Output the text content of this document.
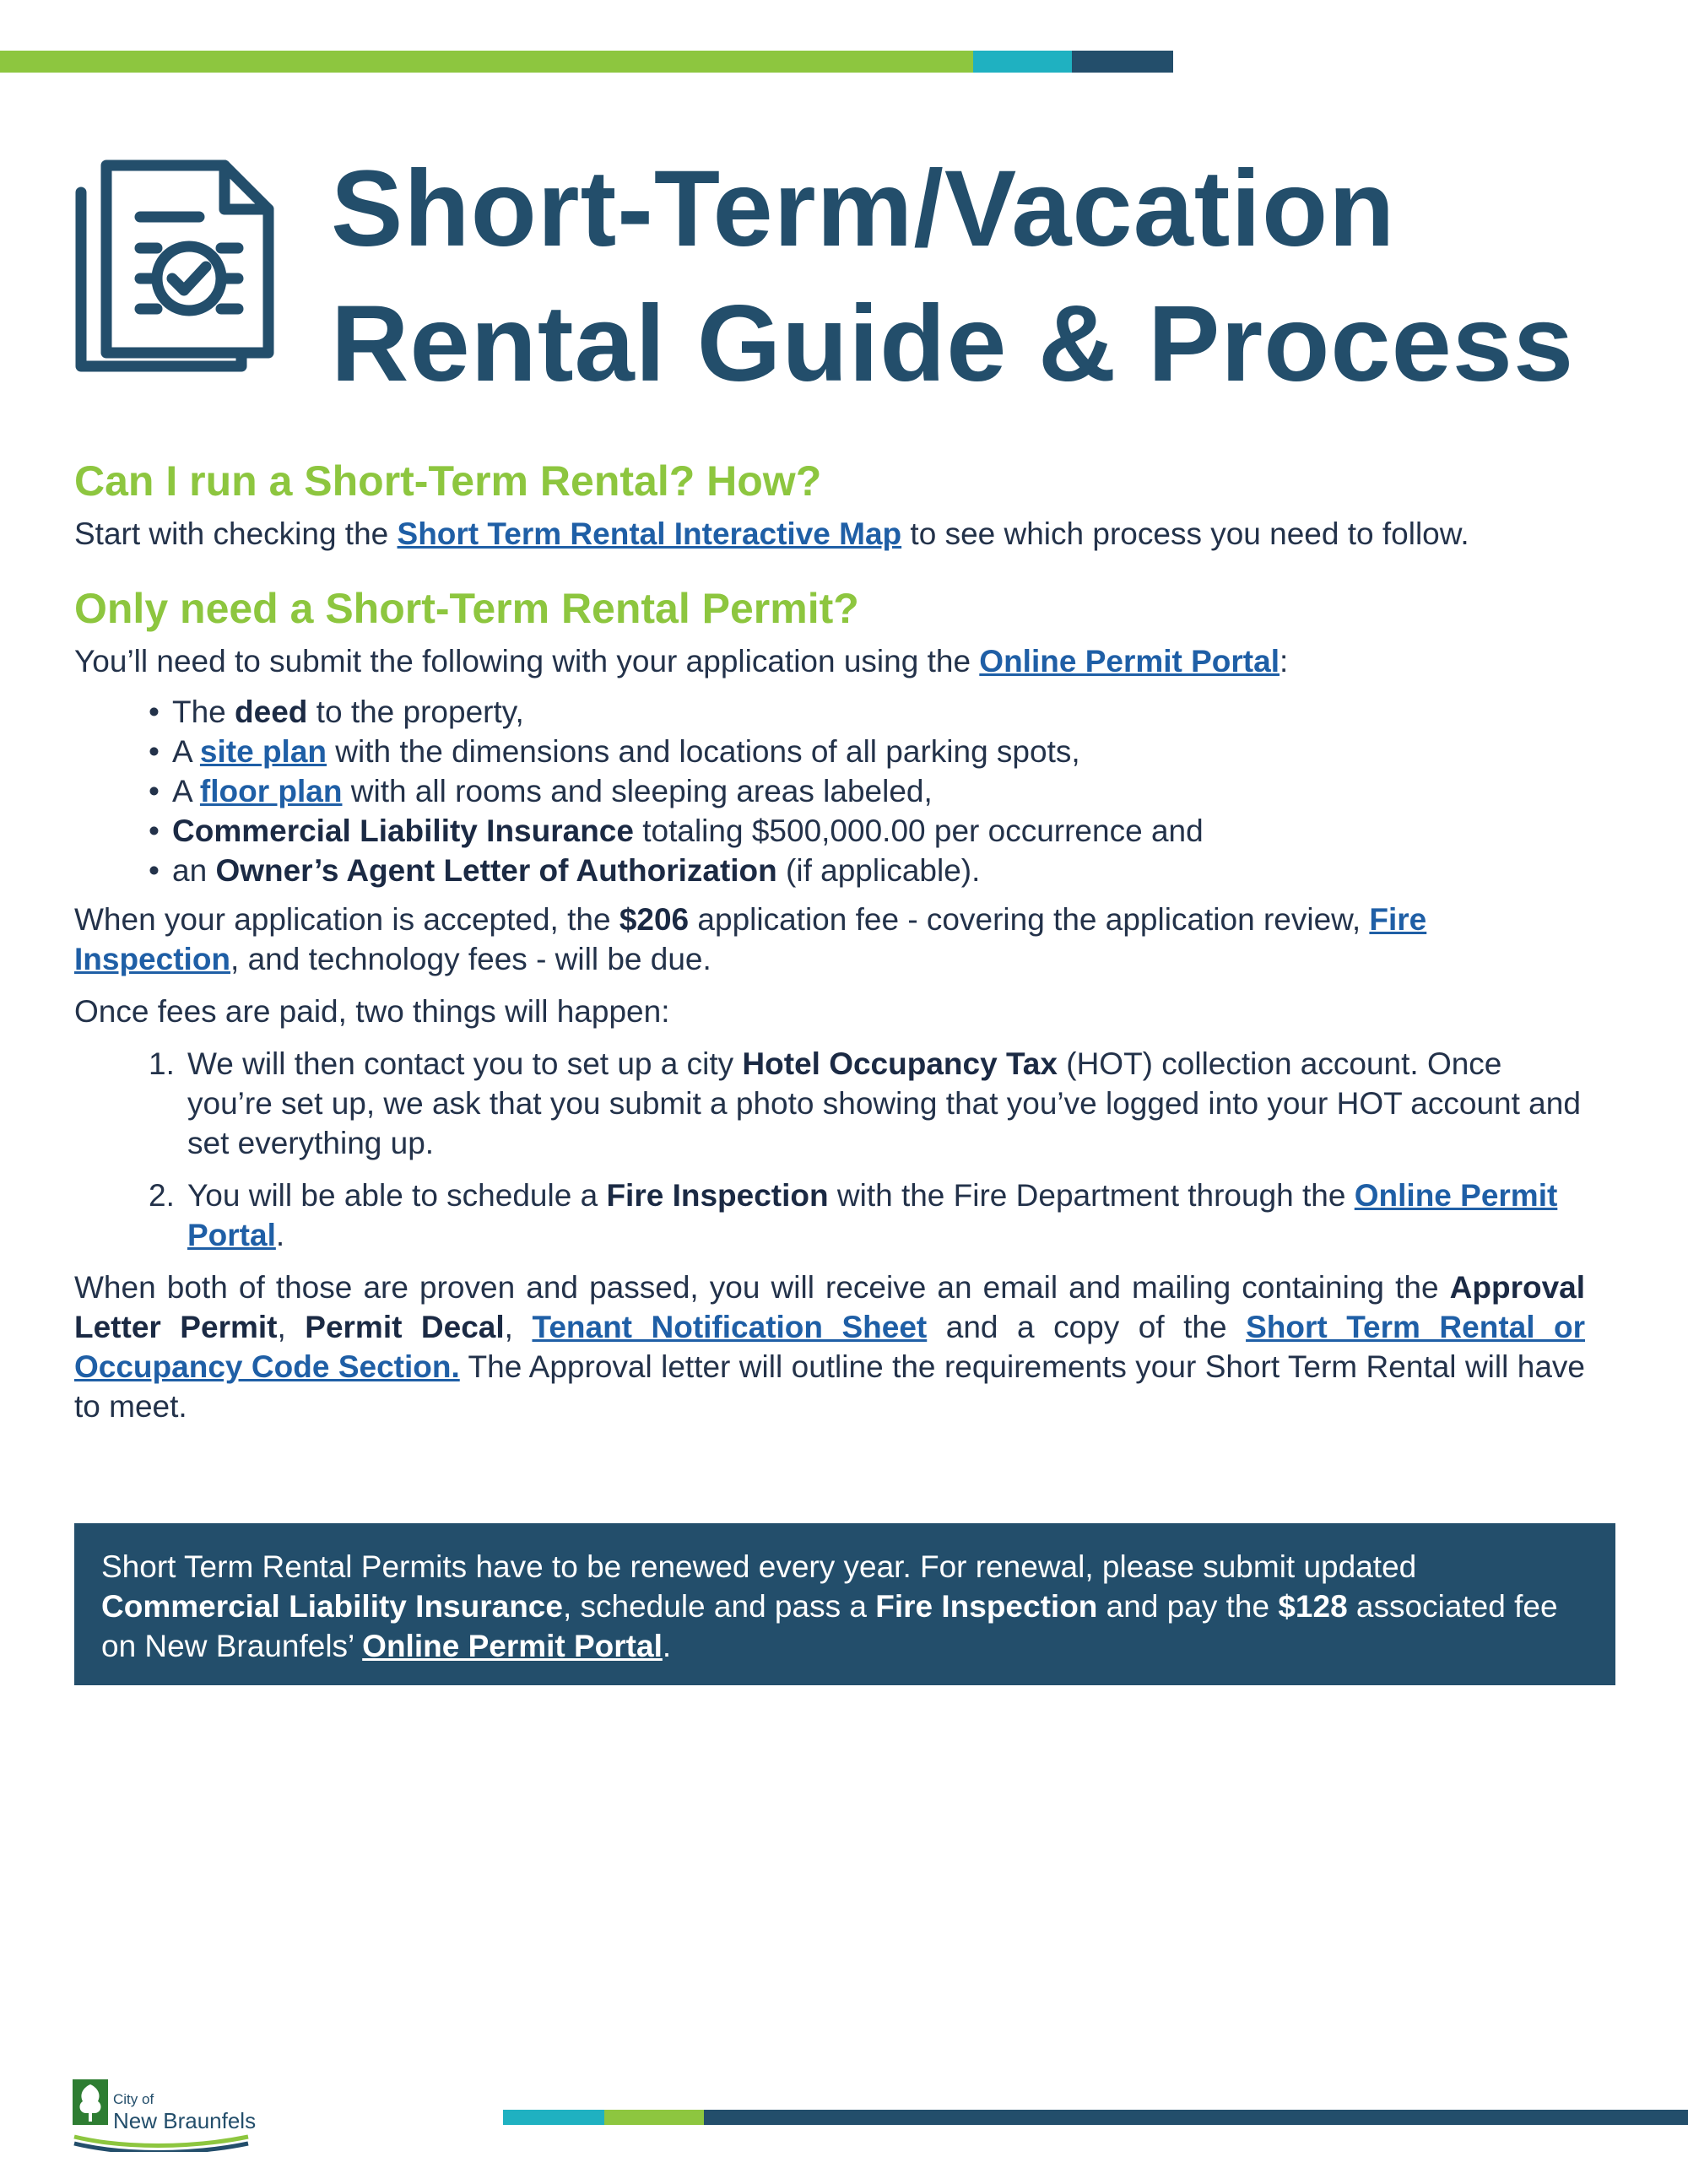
Short-Term/Vacation
Rental Guide & Process
Can I run a Short-Term Rental? How?

Start with checking the Short Term Rental Interactive Map to see which process you need to follow.

Only need a Short-Term Rental Permit?

You’ll need to submit the following with your application using the Online Permit Portal:

• The deed to the property,
• A site plan with the dimensions and locations of all parking spots,
• A floor plan with all rooms and sleeping areas labeled,
• Commercial Liability Insurance totaling $500,000.00 per occurrence and
• an Owner’s Agent Letter of Authorization (if applicable).

When your application is accepted, the $206 application fee - covering the application review, Fire Inspection, and technology fees - will be due.

Once fees are paid, two things will happen:

1. We will then contact you to set up a city Hotel Occupancy Tax (HOT) collection account. Once you’re set up, we ask that you submit a photo showing that you’ve logged into your HOT account and set everything up.
2. You will be able to schedule a Fire Inspection with the Fire Department through the Online Permit Portal.

When both of those are proven and passed, you will receive an email and mailing containing the Approval Letter Permit, Permit Decal, Tenant Notification Sheet and a copy of the Short Term Rental or Occupancy Code Section. The Approval letter will outline the requirements your Short Term Rental will have to meet.

Short Term Rental Permits have to be renewed every year. For renewal, please submit updated Commercial Liability Insurance, schedule and pass a Fire Inspection and pay the $128 associated fee on New Braunfels’ Online Permit Portal.

City of
New Braunfels
